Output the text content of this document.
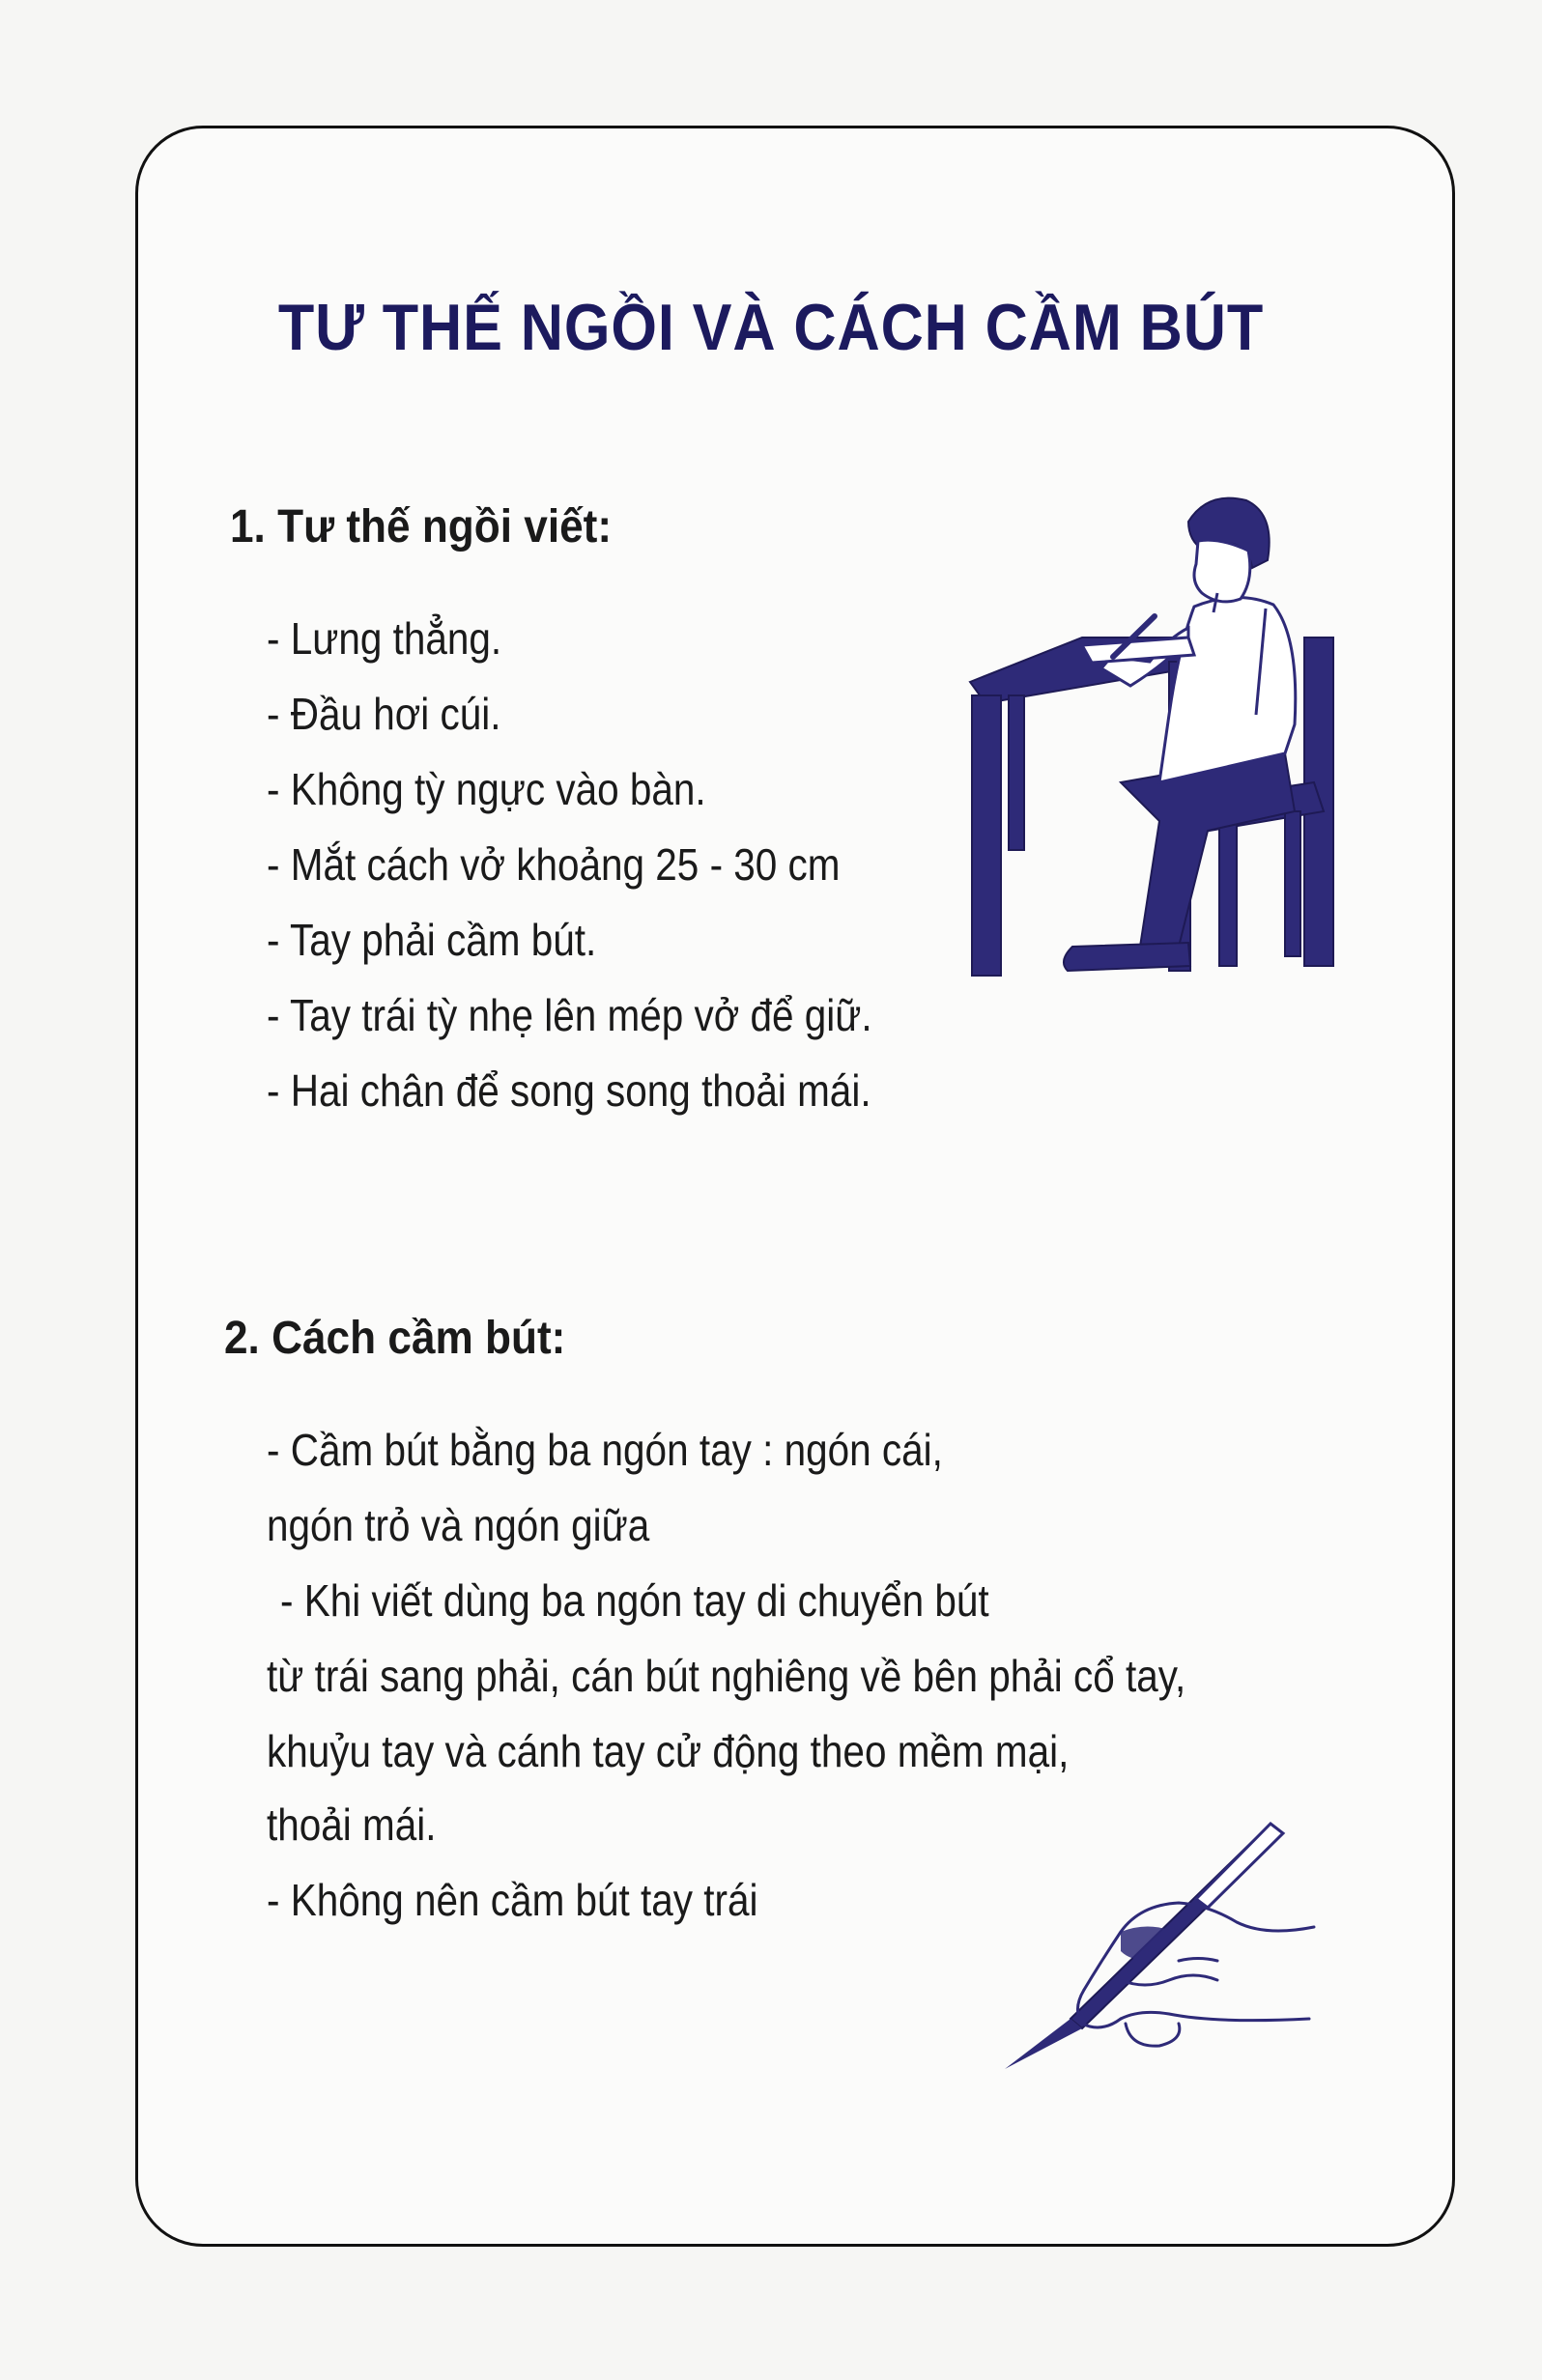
TƯ THẾ NGỒI VÀ CÁCH CẦM BÚT
1. Tư thế ngồi viết:
- Lưng thẳng.
- Đầu hơi cúi.
- Không tỳ ngực vào bàn.
- Mắt cách vở khoảng 25 - 30 cm
- Tay phải cầm bút.
- Tay trái tỳ nhẹ lên mép vở để giữ.
- Hai chân để song song thoải mái.
2. Cách cầm bút:
- Cầm bút bằng ba ngón tay : ngón cái,
ngón trỏ và ngón giữa
- Khi viết dùng ba ngón tay di chuyển bút
từ trái sang phải, cán bút nghiêng về bên phải cổ tay,
khuỷu tay và cánh tay cử động theo mềm mại,
thoải mái.
- Không nên cầm bút tay trái
